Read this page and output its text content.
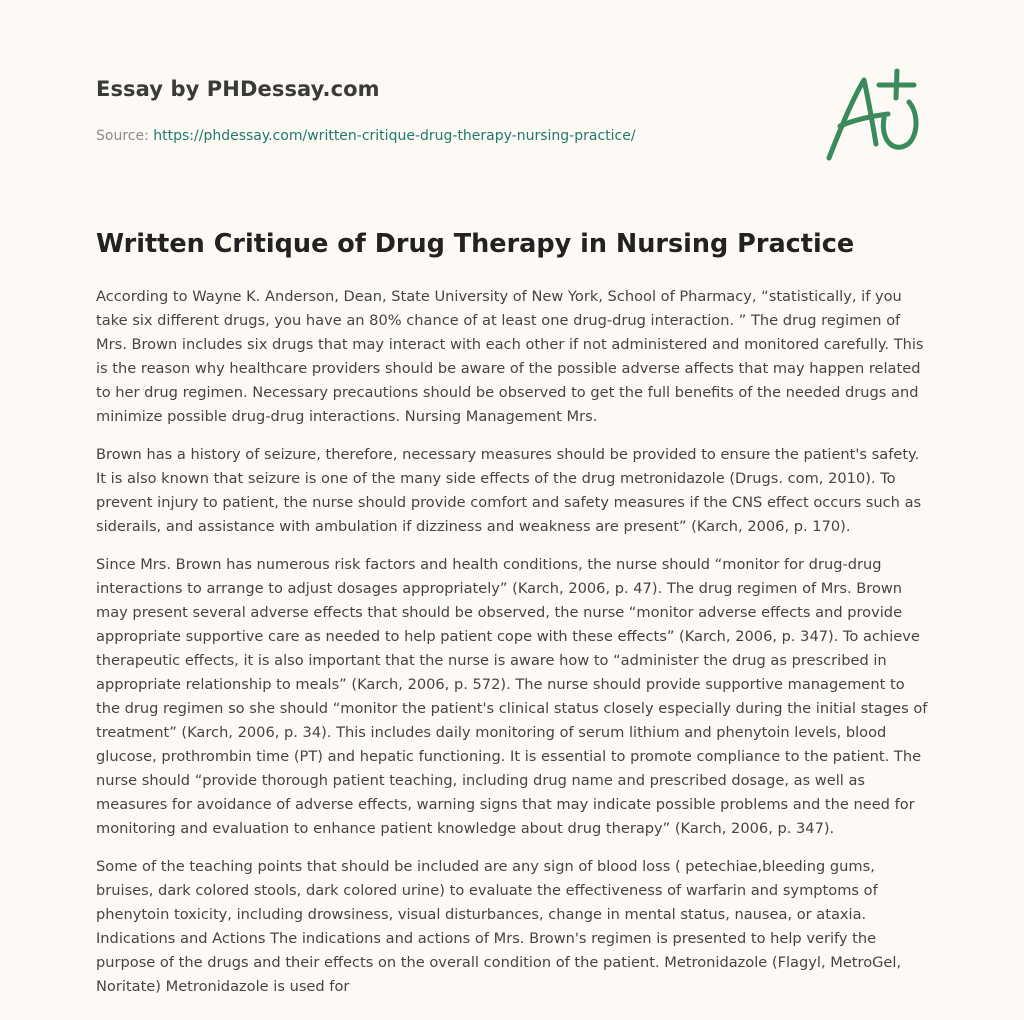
Essay by PHDessay.com
Source: https://phdessay.com/written-critique-drug-therapy-nursing-practice/
Written Critique of Drug Therapy in Nursing Practice

According to Wayne K. Anderson, Dean, State University of New York, School of Pharmacy, “statistically, if you take six different drugs, you have an 80% chance of at least one drug-drug interaction. ” The drug regimen of Mrs. Brown includes six drugs that may interact with each other if not administered and monitored carefully. This is the reason why healthcare providers should be aware of the possible adverse affects that may happen related to her drug regimen. Necessary precautions should be observed to get the full benefits of the needed drugs and minimize possible drug-drug interactions. Nursing Management Mrs.

Brown has a history of seizure, therefore, necessary measures should be provided to ensure the patient's safety. It is also known that seizure is one of the many side effects of the drug metronidazole (Drugs. com, 2010). To prevent injury to patient, the nurse should provide comfort and safety measures if the CNS effect occurs such as siderails, and assistance with ambulation if dizziness and weakness are present” (Karch, 2006, p. 170).

Since Mrs. Brown has numerous risk factors and health conditions, the nurse should “monitor for drug-drug interactions to arrange to adjust dosages appropriately” (Karch, 2006, p. 47). The drug regimen of Mrs. Brown may present several adverse effects that should be observed, the nurse “monitor adverse effects and provide appropriate supportive care as needed to help patient cope with these effects” (Karch, 2006, p. 347). To achieve therapeutic effects, it is also important that the nurse is aware how to “administer the drug as prescribed in appropriate relationship to meals” (Karch, 2006, p. 572). The nurse should provide supportive management to the drug regimen so she should “monitor the patient's clinical status closely especially during the initial stages of treatment” (Karch, 2006, p. 34). This includes daily monitoring of serum lithium and phenytoin levels, blood glucose, prothrombin time (PT) and hepatic functioning. It is essential to promote compliance to the patient. The nurse should “provide thorough patient teaching, including drug name and prescribed dosage, as well as measures for avoidance of adverse effects, warning signs that may indicate possible problems and the need for monitoring and evaluation to enhance patient knowledge about drug therapy” (Karch, 2006, p. 347).

Some of the teaching points that should be included are any sign of blood loss ( petechiae,bleeding gums, bruises, dark colored stools, dark colored urine) to evaluate the effectiveness of warfarin and symptoms of phenytoin toxicity, including drowsiness, visual disturbances, change in mental status, nausea, or ataxia. Indications and Actions The indications and actions of Mrs. Brown's regimen is presented to help verify the purpose of the drugs and their effects on the overall condition of the patient. Metronidazole (Flagyl, MetroGel, Noritate) Metronidazole is used for
